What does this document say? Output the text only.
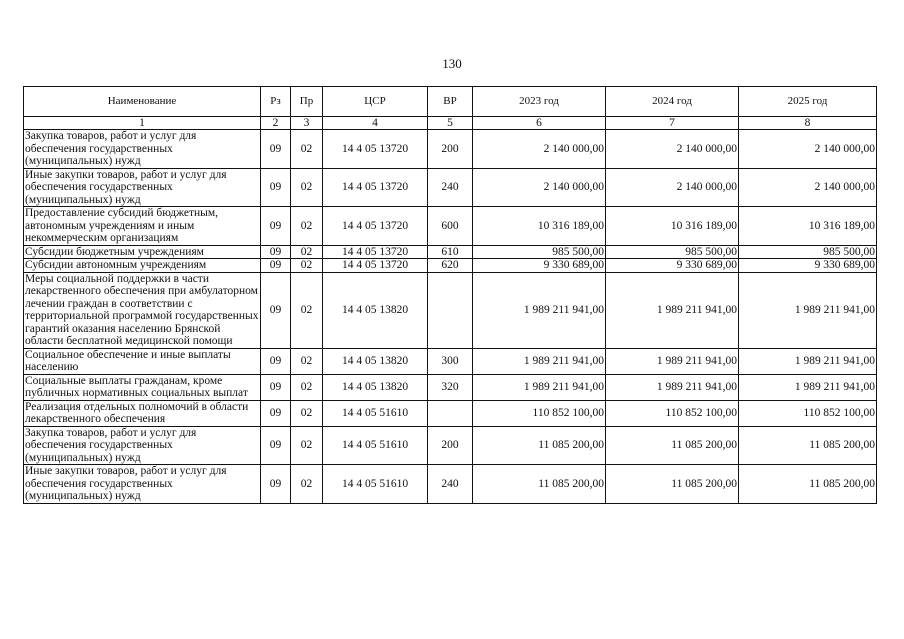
130
Наименование	Рз	Пр	ЦСР	ВР	2023 год	2024 год	2025 год
1	2	3	4	5	6	7	8
Закупка товаров, работ и услуг для обеспечения государственных (муниципальных) нужд	09	02	14 4 05 13720	200	2 140 000,00	2 140 000,00	2 140 000,00
Иные закупки товаров, работ и услуг для обеспечения государственных (муниципальных) нужд	09	02	14 4 05 13720	240	2 140 000,00	2 140 000,00	2 140 000,00
Предоставление субсидий бюджетным, автономным учреждениям и иным некоммерческим организациям	09	02	14 4 05 13720	600	10 316 189,00	10 316 189,00	10 316 189,00
Субсидии бюджетным учреждениям	09	02	14 4 05 13720	610	985 500,00	985 500,00	985 500,00
Субсидии автономным учреждениям	09	02	14 4 05 13720	620	9 330 689,00	9 330 689,00	9 330 689,00
Меры социальной поддержки в части лекарственного обеспечения при амбулаторном лечении граждан в соответствии с территориальной программой государственных гарантий оказания населению Брянской области бесплатной медицинской помощи	09	02	14 4 05 13820		1 989 211 941,00	1 989 211 941,00	1 989 211 941,00
Социальное обеспечение и иные выплаты населению	09	02	14 4 05 13820	300	1 989 211 941,00	1 989 211 941,00	1 989 211 941,00
Социальные выплаты гражданам, кроме публичных нормативных социальных выплат	09	02	14 4 05 13820	320	1 989 211 941,00	1 989 211 941,00	1 989 211 941,00
Реализация отдельных полномочий в области лекарственного обеспечения	09	02	14 4 05 51610		110 852 100,00	110 852 100,00	110 852 100,00
Закупка товаров, работ и услуг для обеспечения государственных (муниципальных) нужд	09	02	14 4 05 51610	200	11 085 200,00	11 085 200,00	11 085 200,00
Иные закупки товаров, работ и услуг для обеспечения государственных (муниципальных) нужд	09	02	14 4 05 51610	240	11 085 200,00	11 085 200,00	11 085 200,00
